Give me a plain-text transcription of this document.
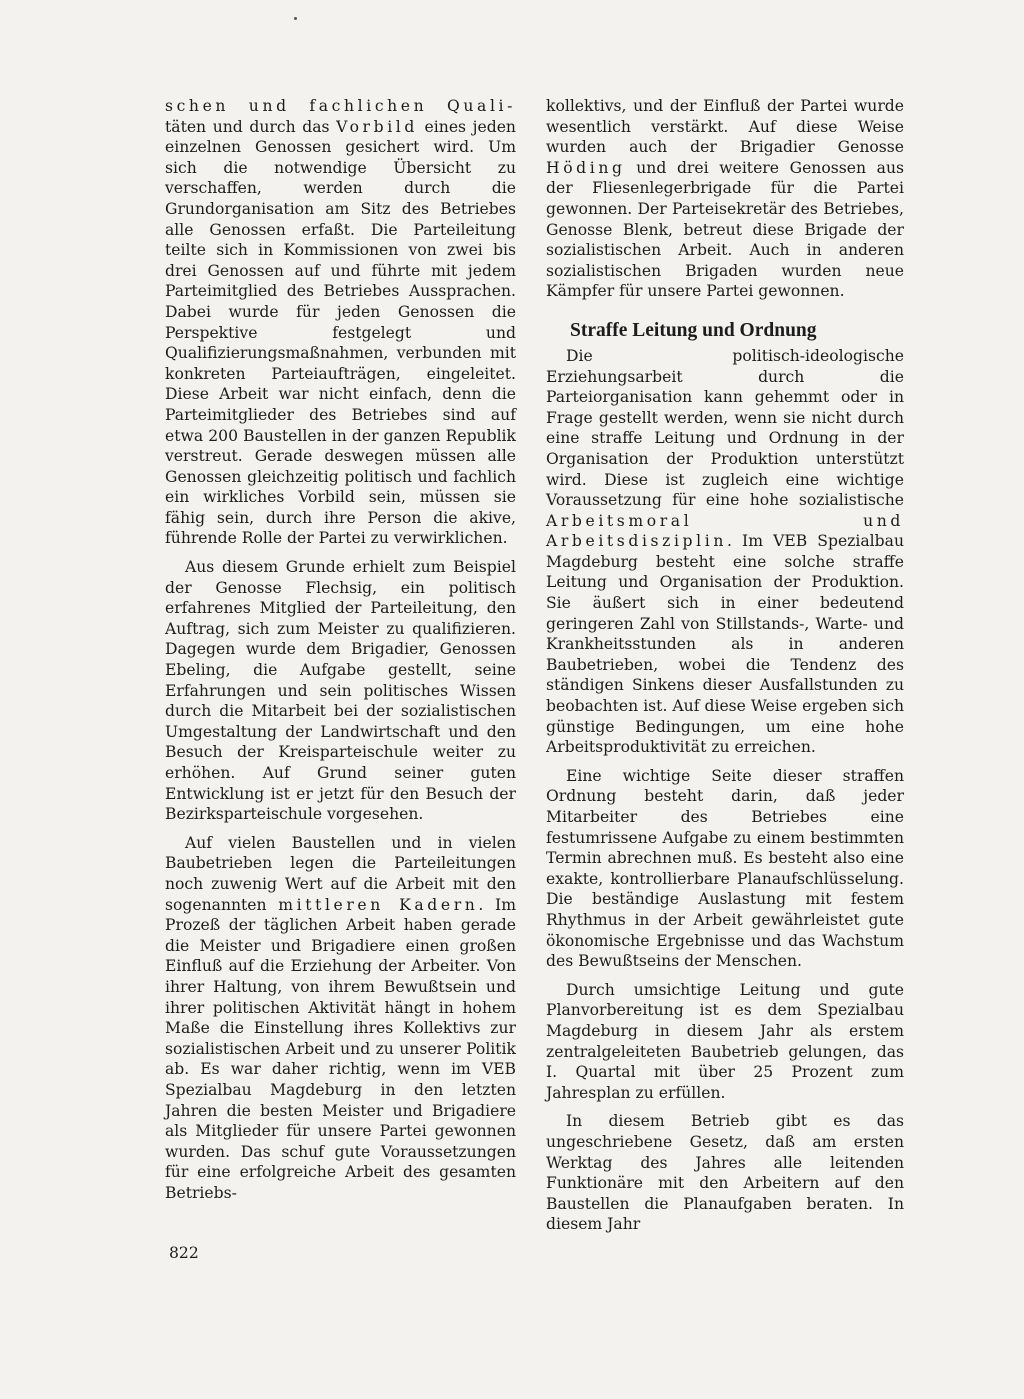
schen und fachlichen Quali- täten und durch das Vorbild eines jeden einzelnen Genossen gesichert wird. Um sich die notwendige Übersicht zu verschaffen, werden durch die Grundorganisation am Sitz des Betriebes alle Genossen erfaßt. Die Parteileitung teilte sich in Kommissionen von zwei bis drei Genossen auf und führte mit jedem Parteimitglied des Betriebes Aussprachen. Dabei wurde für jeden Genossen die Perspektive festgelegt und Qualifizierungsmaßnahmen, verbunden mit konkreten Parteiaufträgen, eingeleitet. Diese Arbeit war nicht einfach, denn die Parteimitglieder des Betriebes sind auf etwa 200 Baustellen in der ganzen Republik verstreut. Gerade deswegen müssen alle Genossen gleichzeitig politisch und fachlich ein wirkliches Vorbild sein, müssen sie fähig sein, durch ihre Person die akive, führende Rolle der Partei zu verwirklichen.

Aus diesem Grunde erhielt zum Beispiel der Genosse Flechsig, ein politisch erfahrenes Mitglied der Parteileitung, den Auftrag, sich zum Meister zu qualifizieren. Dagegen wurde dem Brigadier, Genossen Ebeling, die Aufgabe gestellt, seine Erfahrungen und sein politisches Wissen durch die Mitarbeit bei der sozialistischen Umgestaltung der Landwirtschaft und den Besuch der Kreisparteischule weiter zu erhöhen. Auf Grund seiner guten Entwicklung ist er jetzt für den Besuch der Bezirksparteischule vorgesehen.

Auf vielen Baustellen und in vielen Baubetrieben legen die Parteileitungen noch zuwenig Wert auf die Arbeit mit den sogenannten mittleren Kadern. Im Prozeß der täglichen Arbeit haben gerade die Meister und Brigadiere einen großen Einfluß auf die Erziehung der Arbeiter. Von ihrer Haltung, von ihrem Bewußtsein und ihrer politischen Aktivität hängt in hohem Maße die Einstellung ihres Kollektivs zur sozialistischen Arbeit und zu unserer Politik ab. Es war daher richtig, wenn im VEB Spezialbau Magdeburg in den letzten Jahren die besten Meister und Brigadiere als Mitglieder für unsere Partei gewonnen wurden. Das schuf gute Voraussetzungen für eine erfolgreiche Arbeit des gesamten Betriebs-

kollektivs, und der Einfluß der Partei wurde wesentlich verstärkt. Auf diese Weise wurden auch der Brigadier Genosse Höding und drei weitere Genossen aus der Fliesenlegerbrigade für die Partei gewonnen. Der Parteisekretär des Betriebes, Genosse Blenk, betreut diese Brigade der sozialistischen Arbeit. Auch in anderen sozialistischen Brigaden wurden neue Kämpfer für unsere Partei gewonnen.

Straffe Leitung und Ordnung

Die politisch-ideologische Erziehungsarbeit durch die Parteiorganisation kann gehemmt oder in Frage gestellt werden, wenn sie nicht durch eine straffe Leitung und Ordnung in der Organisation der Produktion unterstützt wird. Diese ist zugleich eine wichtige Voraussetzung für eine hohe sozialistische Arbeitsmoral und Arbeitsdisziplin. Im VEB Spezialbau Magdeburg besteht eine solche straffe Leitung und Organisation der Produktion. Sie äußert sich in einer bedeutend geringeren Zahl von Stillstands-, Warte- und Krankheitsstunden als in anderen Baubetrieben, wobei die Tendenz des ständigen Sinkens dieser Ausfallstunden zu beobachten ist. Auf diese Weise ergeben sich günstige Bedingungen, um eine hohe Arbeitsproduktivität zu erreichen.

Eine wichtige Seite dieser straffen Ordnung besteht darin, daß jeder Mitarbeiter des Betriebes eine festumrissene Aufgabe zu einem bestimmten Termin abrechnen muß. Es besteht also eine exakte, kontrollierbare Planaufschlüsselung. Die beständige Auslastung mit festem Rhythmus in der Arbeit gewährleistet gute ökonomische Ergebnisse und das Wachstum des Bewußtseins der Menschen.

Durch umsichtige Leitung und gute Planvorbereitung ist es dem Spezialbau Magdeburg in diesem Jahr als erstem zentralgeleiteten Baubetrieb gelungen, das I. Quartal mit über 25 Prozent zum Jahresplan zu erfüllen.

In diesem Betrieb gibt es das ungeschriebene Gesetz, daß am ersten Werktag des Jahres alle leitenden Funktionäre mit den Arbeitern auf den Baustellen die Planaufgaben beraten. In diesem Jahr

822
